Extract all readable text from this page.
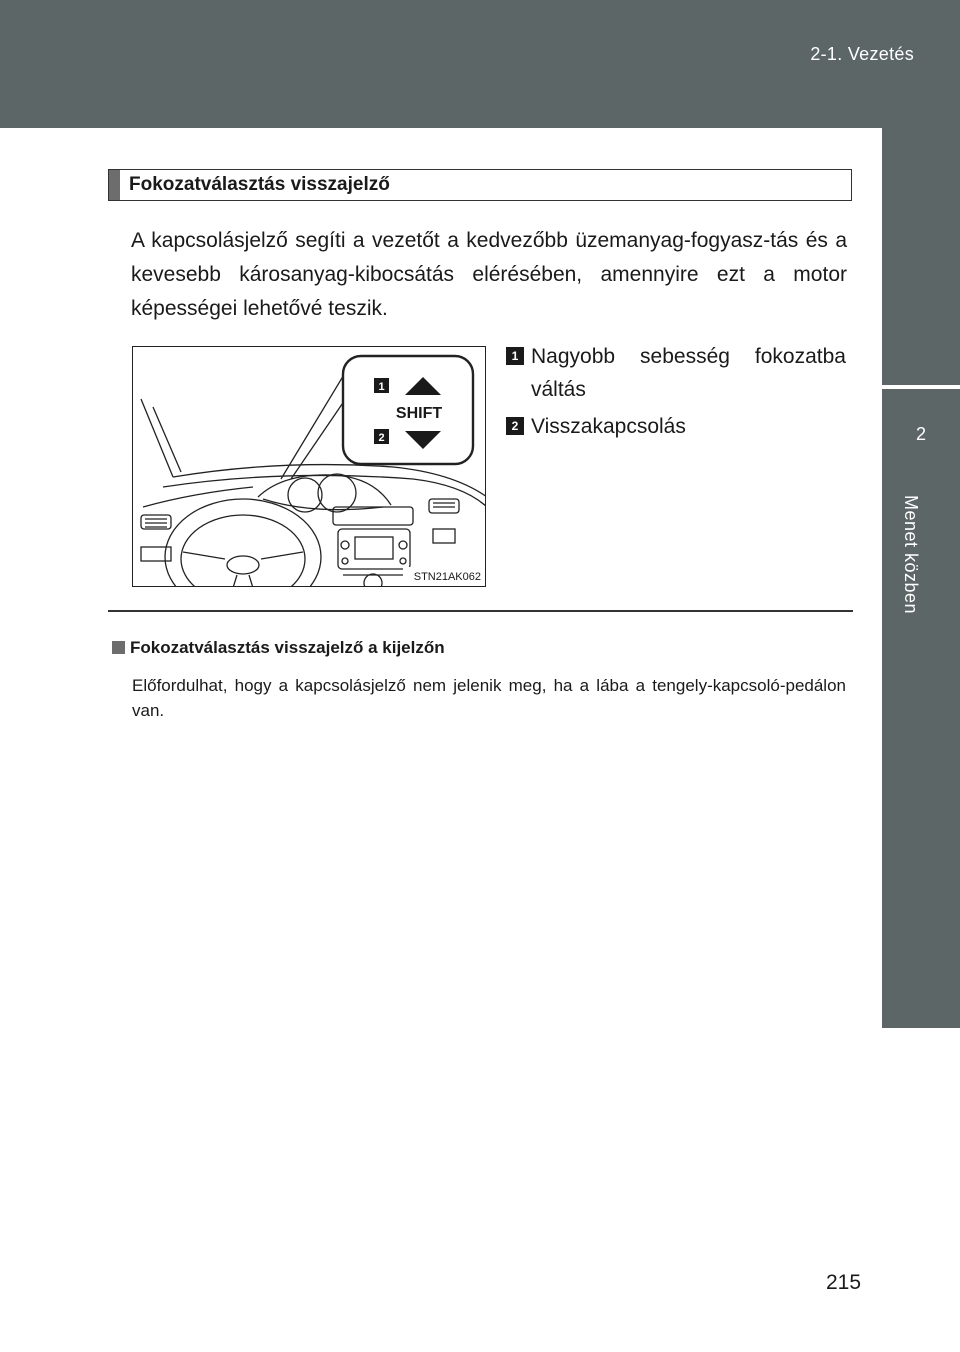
2-1. Vezetés
2
Menet közben
Fokozatválasztás visszajelző
A kapcsolásjelző segíti a vezetőt a kedvezőbb üzemanyag-fogyasz-tás és a kevesebb károsanyag-kibocsátás elérésében, amennyire ezt a motor képességei lehetővé teszik.
1
SHIFT
2
STN21AK062
1 Nagyobb sebesség fokozatba váltás
2 Visszakapcsolás
Fokozatválasztás visszajelző a kijelzőn
Előfordulhat, hogy a kapcsolásjelző nem jelenik meg, ha a lába a tengely-kapcsoló-pedálon van.
215
